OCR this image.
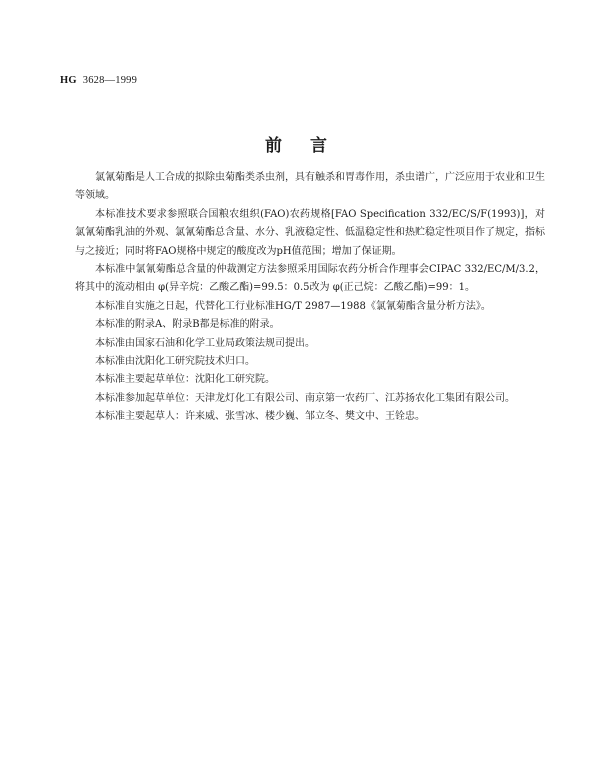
HG 3628—1999
前言

氯氰菊酯是人工合成的拟除虫菊酯类杀虫剂，具有触杀和胃毒作用，杀虫谱广，广泛应用于农业和卫生等领域。

本标准技术要求参照联合国粮农组织(FAO)农药规格[FAO Specification 332/EC/S/F(1993)]，对氯氰菊酯乳油的外观、氯氰菊酯总含量、水分、乳液稳定性、低温稳定性和热贮稳定性项目作了规定，指标与之接近；同时将FAO规格中规定的酸度改为pH值范围；增加了保证期。

本标准中氯氰菊酯总含量的仲裁测定方法参照采用国际农药分析合作理事会CIPAC 332/EC/M/3.2，将其中的流动相由 φ(异辛烷：乙酸乙酯)=99.5：0.5改为 φ(正己烷：乙酸乙酯)=99：1。

本标准自实施之日起，代替化工行业标准HG/T 2987—1988《氯氰菊酯含量分析方法》。

本标准的附录A、附录B都是标准的附录。

本标准由国家石油和化学工业局政策法规司提出。

本标准由沈阳化工研究院技术归口。

本标准主要起草单位：沈阳化工研究院。

本标准参加起草单位：天津龙灯化工有限公司、南京第一农药厂、江苏扬农化工集团有限公司。

本标准主要起草人：许来威、张雪冰、楼少巍、邹立冬、樊文中、王铨忠。
